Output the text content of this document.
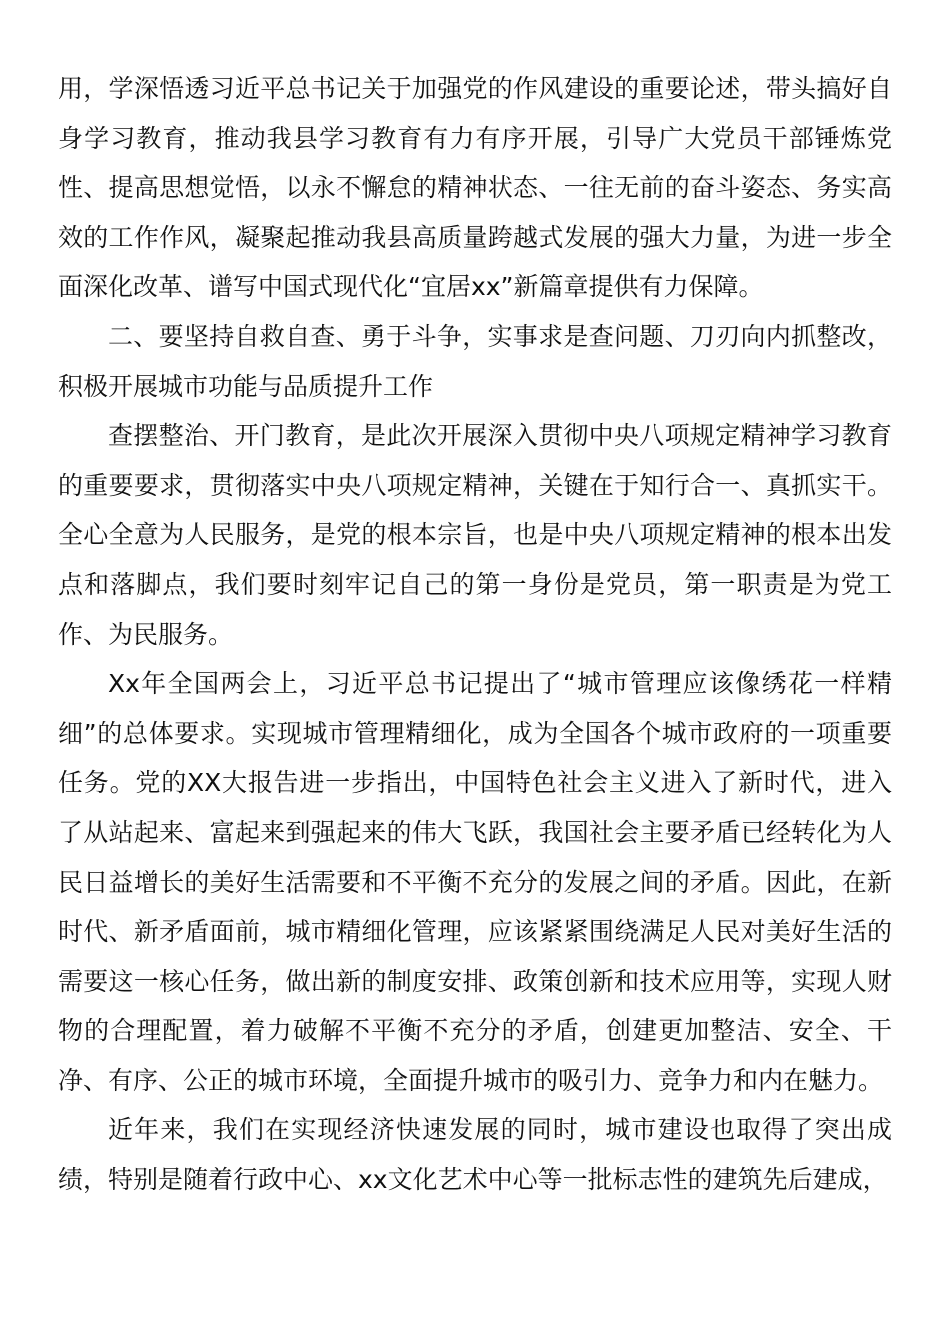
用，学深悟透习近平总书记关于加强党的作风建设的重要论述，带头搞好自身学习教育，推动我县学习教育有力有序开展，引导广大党员干部锤炼党性、提高思想觉悟，以永不懈怠的精神状态、一往无前的奋斗姿态、务实高效的工作作风，凝聚起推动我县高质量跨越式发展的强大力量，为进一步全面深化改革、谱写中国式现代化“宜居xx”新篇章提供有力保障。

二、要坚持自救自查、勇于斗争，实事求是查问题、刀刃向内抓整改，积极开展城市功能与品质提升工作

查摆整治、开门教育，是此次开展深入贯彻中央八项规定精神学习教育的重要要求，贯彻落实中央八项规定精神，关键在于知行合一、真抓实干。全心全意为人民服务，是党的根本宗旨，也是中央八项规定精神的根本出发点和落脚点，我们要时刻牢记自己的第一身份是党员，第一职责是为党工作、为民服务。

Xx年全国两会上，习近平总书记提出了“城市管理应该像绣花一样精细”的总体要求。实现城市管理精细化，成为全国各个城市政府的一项重要任务。党的XX大报告进一步指出，中国特色社会主义进入了新时代，进入了从站起来、富起来到强起来的伟大飞跃，我国社会主要矛盾已经转化为人民日益增长的美好生活需要和不平衡不充分的发展之间的矛盾。因此，在新时代、新矛盾面前，城市精细化管理，应该紧紧围绕满足人民对美好生活的需要这一核心任务，做出新的制度安排、政策创新和技术应用等，实现人财物的合理配置，着力破解不平衡不充分的矛盾，创建更加整洁、安全、干净、有序、公正的城市环境，全面提升城市的吸引力、竞争力和内在魅力。

近年来，我们在实现经济快速发展的同时，城市建设也取得了突出成绩，特别是随着行政中心、xx文化艺术中心等一批标志性的建筑先后建成，
